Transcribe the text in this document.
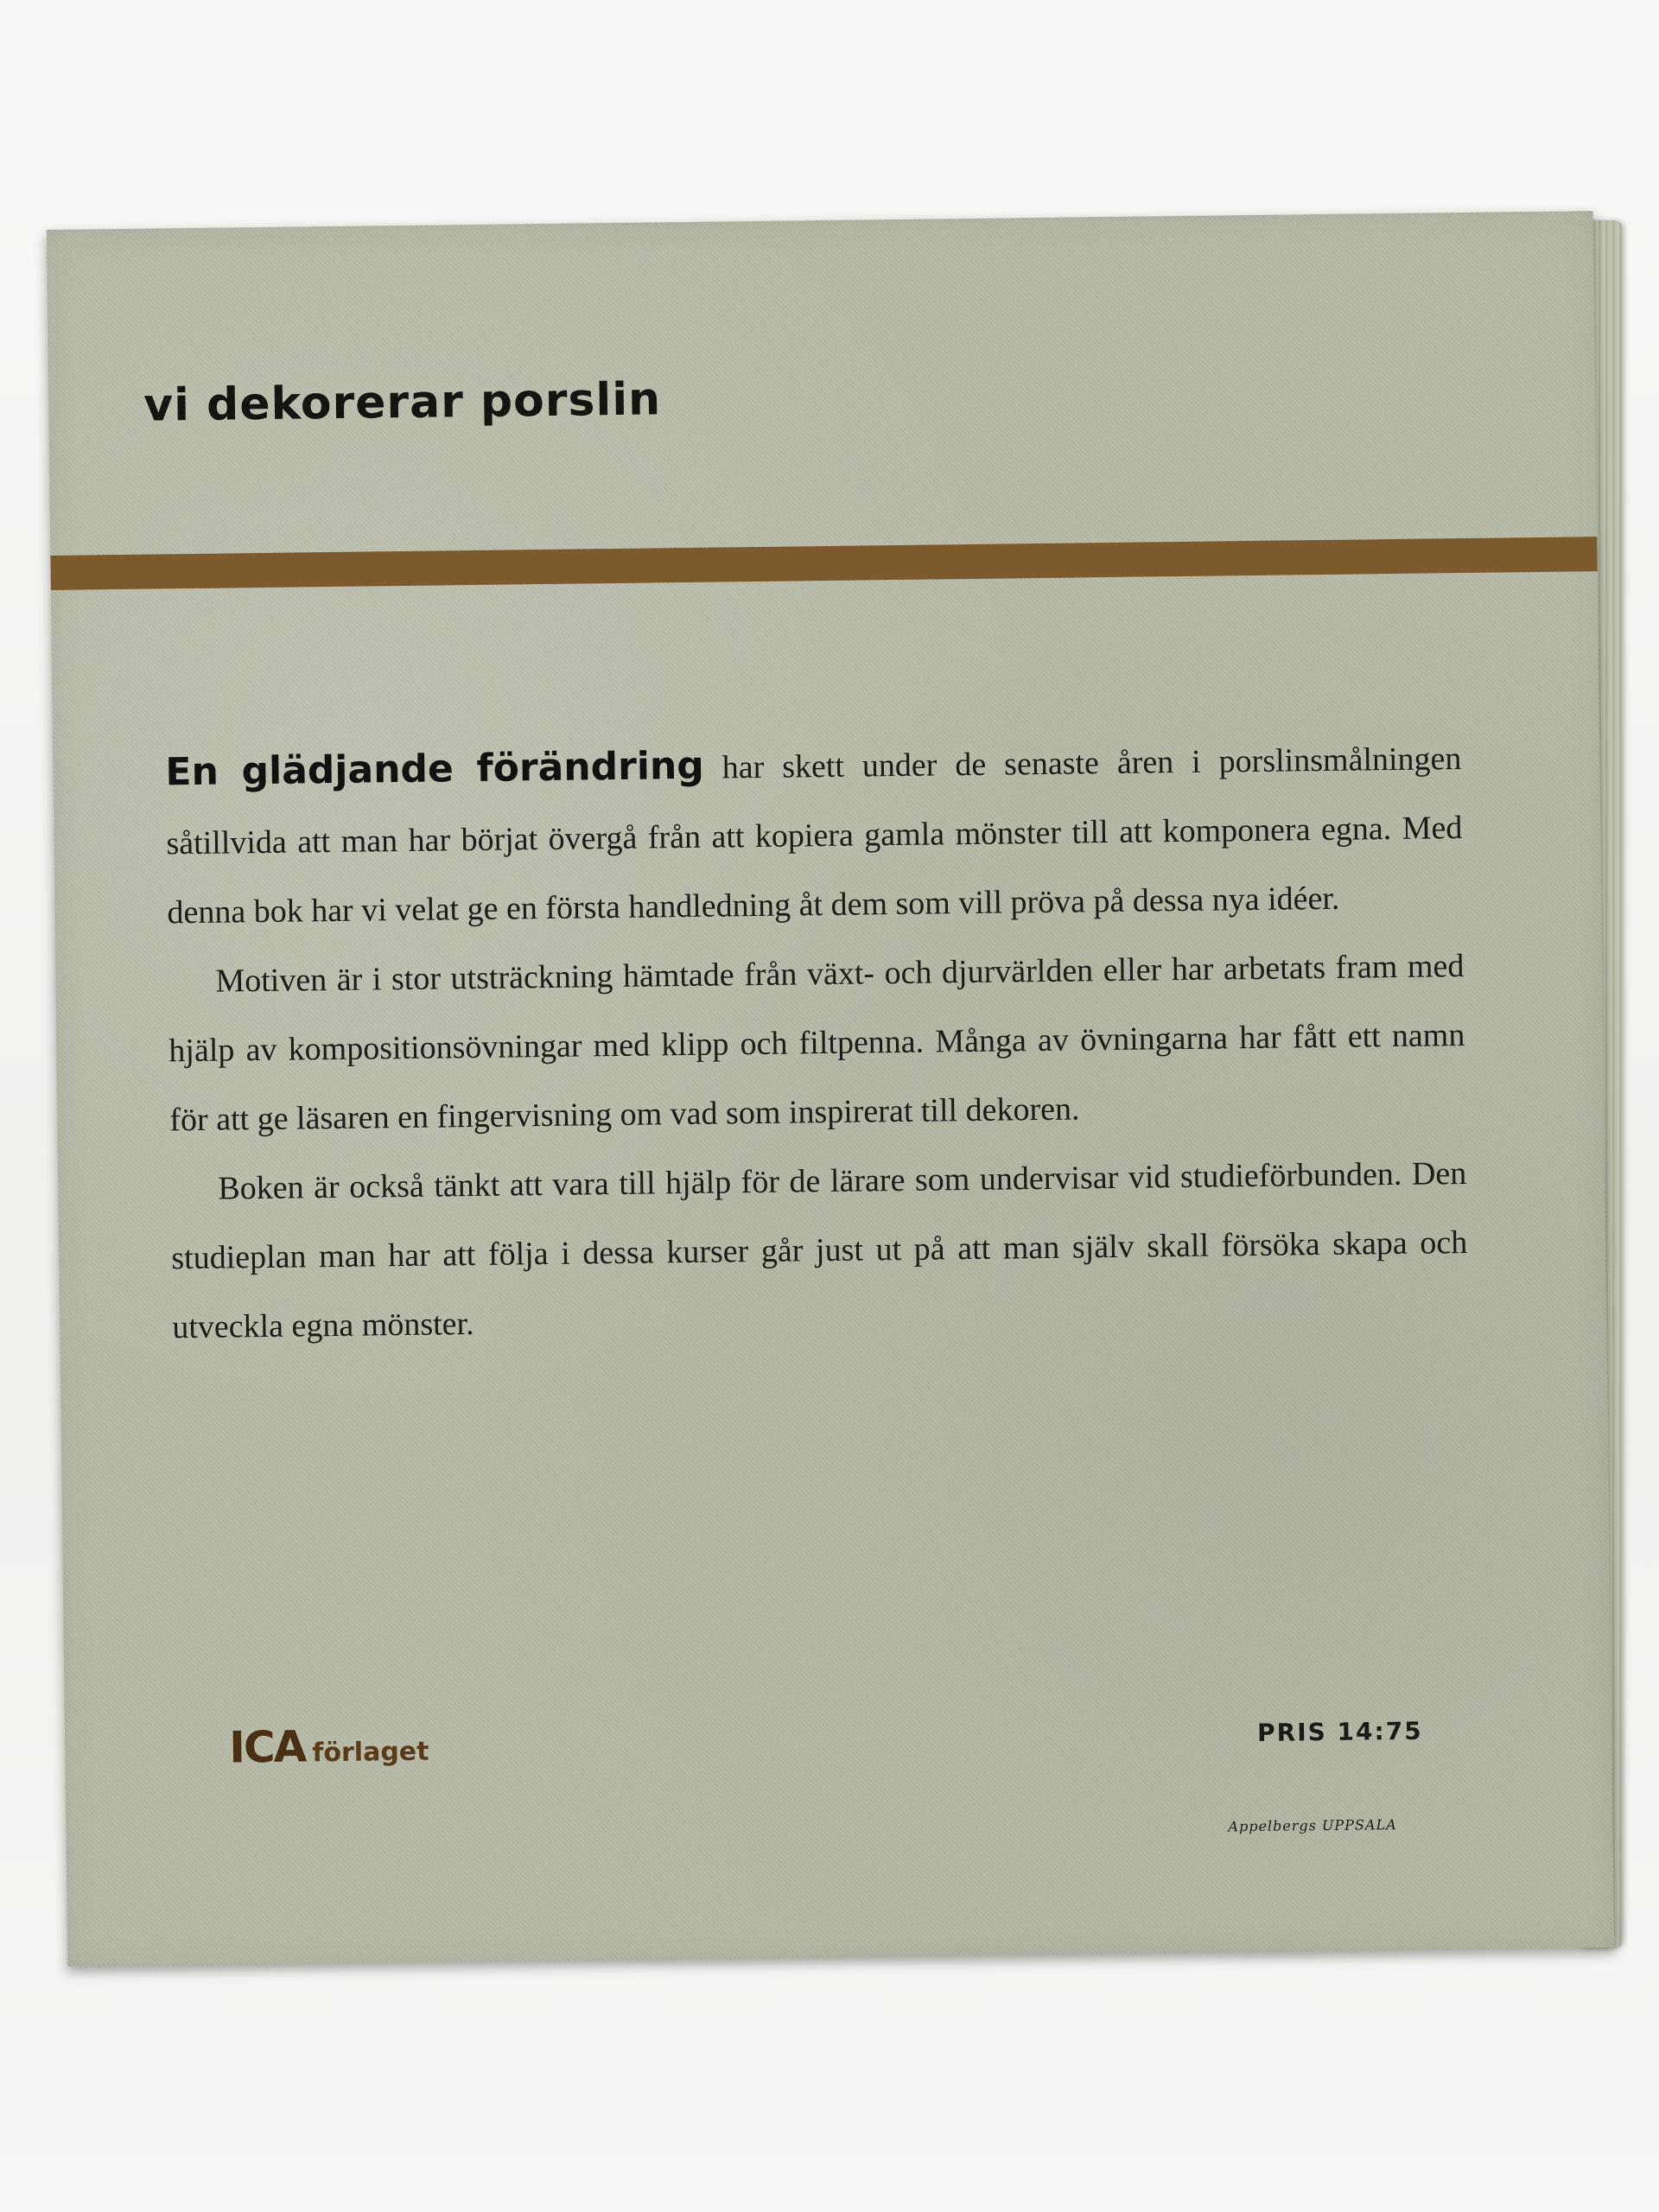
vi dekorerar porslin

En glädjande förändring har skett under de senaste åren i porslinsmålningen såtillvida att man har börjat övergå från att kopiera gamla mönster till att komponera egna. Med denna bok har vi velat ge en första handledning åt dem som vill pröva på dessa nya idéer.

Motiven är i stor utsträckning hämtade från växt- och djurvärlden eller har arbetats fram med hjälp av kompositionsövningar med klipp och filtpenna. Många av övningarna har fått ett namn för att ge läsaren en fingervisning om vad som inspirerat till dekoren.

Boken är också tänkt att vara till hjälp för de lärare som undervisar vid studieförbunden. Den studieplan man har att följa i dessa kurser går just ut på att man själv skall försöka skapa och utveckla egna mönster.

ICA förlaget
PRIS 14:75
Appelbergs UPPSALA
